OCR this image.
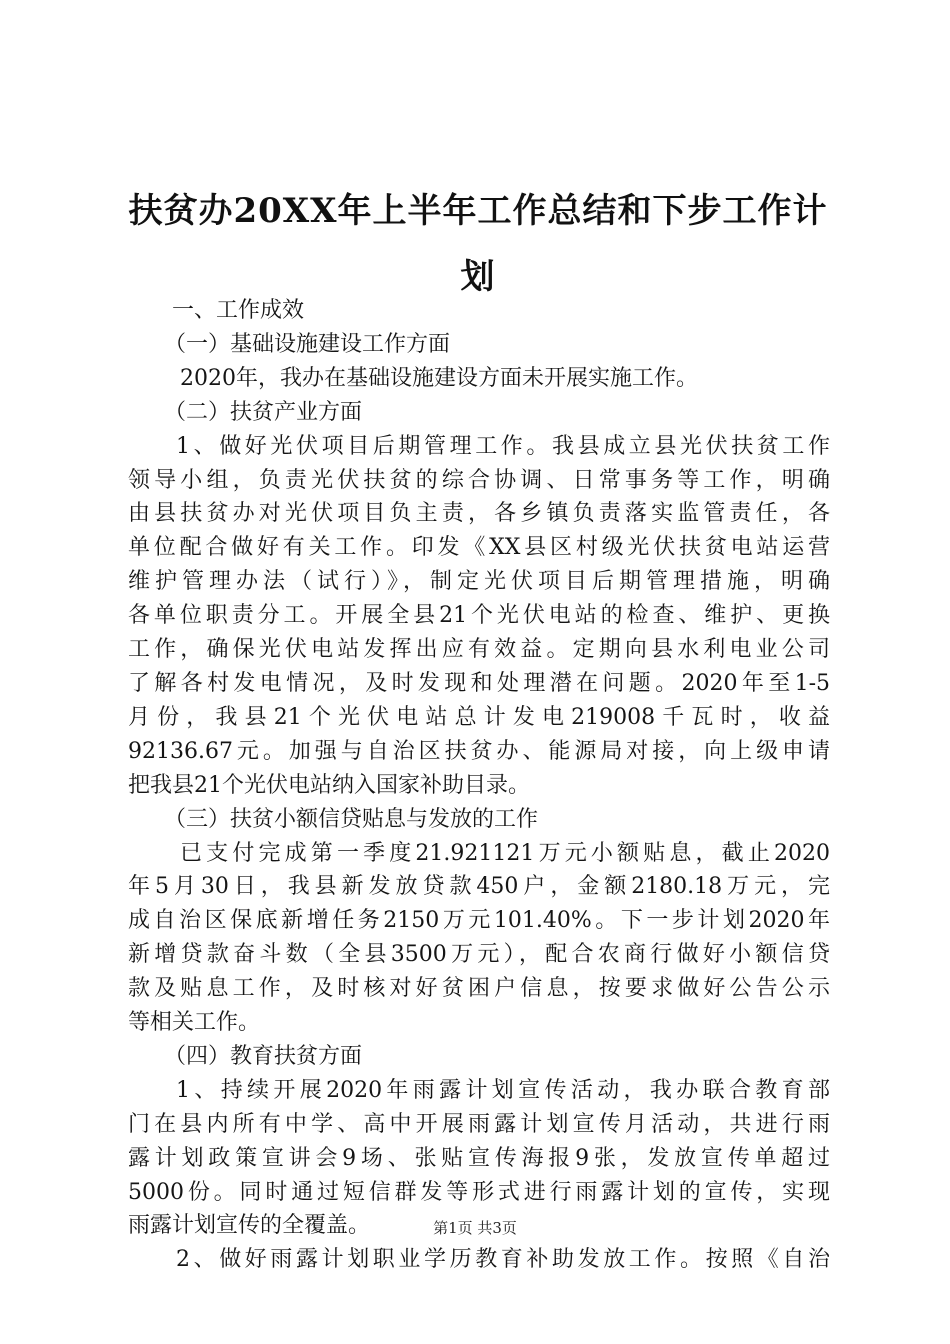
扶贫办20XX年上半年工作总结和下步工作计划

一、工作成效

（一）基础设施建设工作方面

2020年，我办在基础设施建设方面未开展实施工作。

（二）扶贫产业方面

1、做好光伏项目后期管理工作。我县成立县光伏扶贫工作

领导小组，负责光伏扶贫的综合协调、日常事务等工作，明确

由县扶贫办对光伏项目负主责，各乡镇负责落实监管责任，各

单位配合做好有关工作。印发《XX县区村级光伏扶贫电站运营

维护管理办法（试行）》，制定光伏项目后期管理措施，明确

各单位职责分工。开展全县21个光伏电站的检查、维护、更换

工作，确保光伏电站发挥出应有效益。定期向县水利电业公司

了解各村发电情况，及时发现和处理潜在问题。2020年至1-5

月份，我县21个光伏电站总计发电219008千瓦时，收益

92136.67元。加强与自治区扶贫办、能源局对接，向上级申请

把我县21个光伏电站纳入国家补助目录。

（三）扶贫小额信贷贴息与发放的工作

已支付完成第一季度21.921121万元小额贴息，截止2020

年5月30日，我县新发放贷款450户，金额2180.18万元，完

成自治区保底新增任务2150万元101.40%。下一步计划2020年

新增贷款奋斗数（全县3500万元），配合农商行做好小额信贷

款及贴息工作，及时核对好贫困户信息，按要求做好公告公示

等相关工作。

（四）教育扶贫方面

1、持续开展2020年雨露计划宣传活动，我办联合教育部

门在县内所有中学、高中开展雨露计划宣传月活动，共进行雨

露计划政策宣讲会9场、张贴宣传海报9张，发放宣传单超过

5000份。同时通过短信群发等形式进行雨露计划的宣传，实现

雨露计划宣传的全覆盖。

2、做好雨露计划职业学历教育补助发放工作。按照《自治

第1页 共3页
